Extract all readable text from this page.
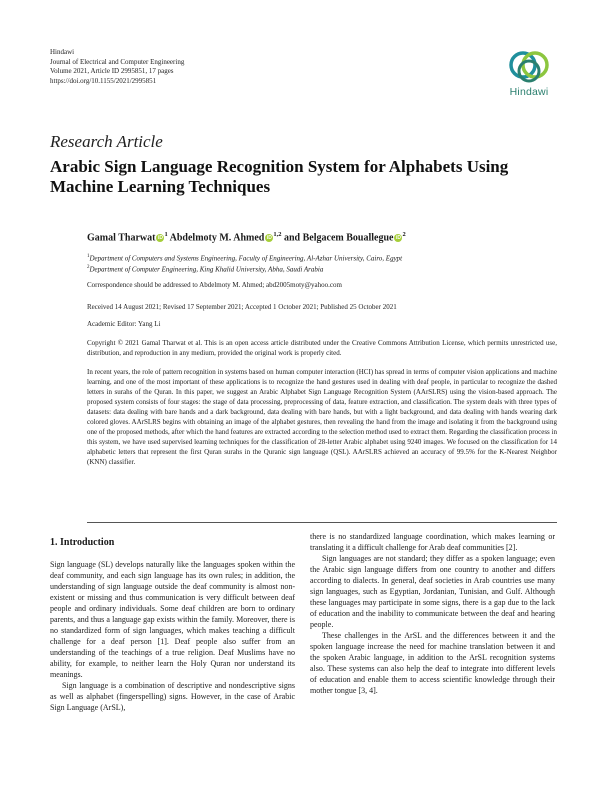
Hindawi
Journal of Electrical and Computer Engineering
Volume 2021, Article ID 2995851, 17 pages
https://doi.org/10.1155/2021/2995851
Hindawi
Research Article
Arabic Sign Language Recognition System for Alphabets Using Machine Learning Techniques
Gamal Tharwat $iD^1$ Abdelmoty M. Ahmed iD$^{1,2}$ and Belgacem Bouallegue $iD^2$
$^1$Department of Computers and Systems Engineering, Faculty of Engineering, Al-Azhar University, Cairo, Egypt
$^2$Department of Computer Engineering, King Khalid University, Abha, Saudi Arabia
Correspondence should be addressed to Abdelmoty M. Ahmed; abd2005moty@yahoo.com
Received 14 August 2021; Revised 17 September 2021; Accepted 1 October 2021; Published 25 October 2021
Academic Editor: Yang Li
Copyright © 2021 Gamal Tharwat et al. This is an open access article distributed under the Creative Commons Attribution License, which permits unrestricted use, distribution, and reproduction in any medium, provided the original work is properly cited.
In recent years, the role of pattern recognition in systems based on human computer interaction (HCI) has spread in terms of computer vision applications and machine learning, and one of the most important of these applications is to recognize the hand gestures used in dealing with deaf people, in particular to recognize the dashed letters in surahs of the Quran. In this paper, we suggest an Arabic Alphabet Sign Language Recognition System (AArSLRS) using the vision-based approach. The proposed system consists of four stages: the stage of data processing, preprocessing of data, feature extraction, and classification. The system deals with three types of datasets: data dealing with bare hands and a dark background, data dealing with bare hands, but with a light background, and data dealing with hands wearing dark colored gloves. AArSLRS begins with obtaining an image of the alphabet gestures, then revealing the hand from the image and isolating it from the background using one of the proposed methods, after which the hand features are extracted according to the selection method used to extract them. Regarding the classification process in this system, we have used supervised learning techniques for the classification of 28-letter Arabic alphabet using 9240 images. We focused on the classification for 14 alphabetic letters that represent the first Quran surahs in the Quranic sign language (QSL). AArSLRS achieved an accuracy of 99.5% for the K-Nearest Neighbor (KNN) classifier.
1. Introduction

Sign language (SL) develops naturally like the languages spoken within the deaf community, and each sign language has its own rules; in addition, the understanding of sign language outside the deaf community is almost non-existent or missing and thus communication is very difficult between deaf people and ordinary individuals. Some deaf children are born to ordinary parents, and thus a language gap exists within the family. Moreover, there is no standardized form of sign languages, which makes teaching a difficult challenge for a deaf person [1]. Deaf people also suffer from an understanding of the teachings of a true religion. Deaf Muslims have no ability, for example, to neither learn the Holy Quran nor understand its meanings.

Sign language is a combination of descriptive and nondescriptive signs as well as alphabet (fingerspelling) signs. However, in the case of Arabic Sign Language (ArSL),

there is no standardized language coordination, which makes learning or translating it a difficult challenge for Arab deaf communities [2].

Sign languages are not standard; they differ as a spoken language; even the Arabic sign language differs from one country to another and differs according to dialects. In general, deaf societies in Arab countries use many sign languages, such as Egyptian, Jordanian, Tunisian, and Gulf. Although these languages may participate in some signs, there is a gap due to the lack of education and the inability to communicate between the deaf and hearing people.

These challenges in the ArSL and the differences between it and the spoken language increase the need for machine translation between it and the spoken Arabic language, in addition to the ArSL recognition systems also. These systems can also help the deaf to integrate into different levels of education and enable them to access scientific knowledge through their mother tongue [3, 4].
